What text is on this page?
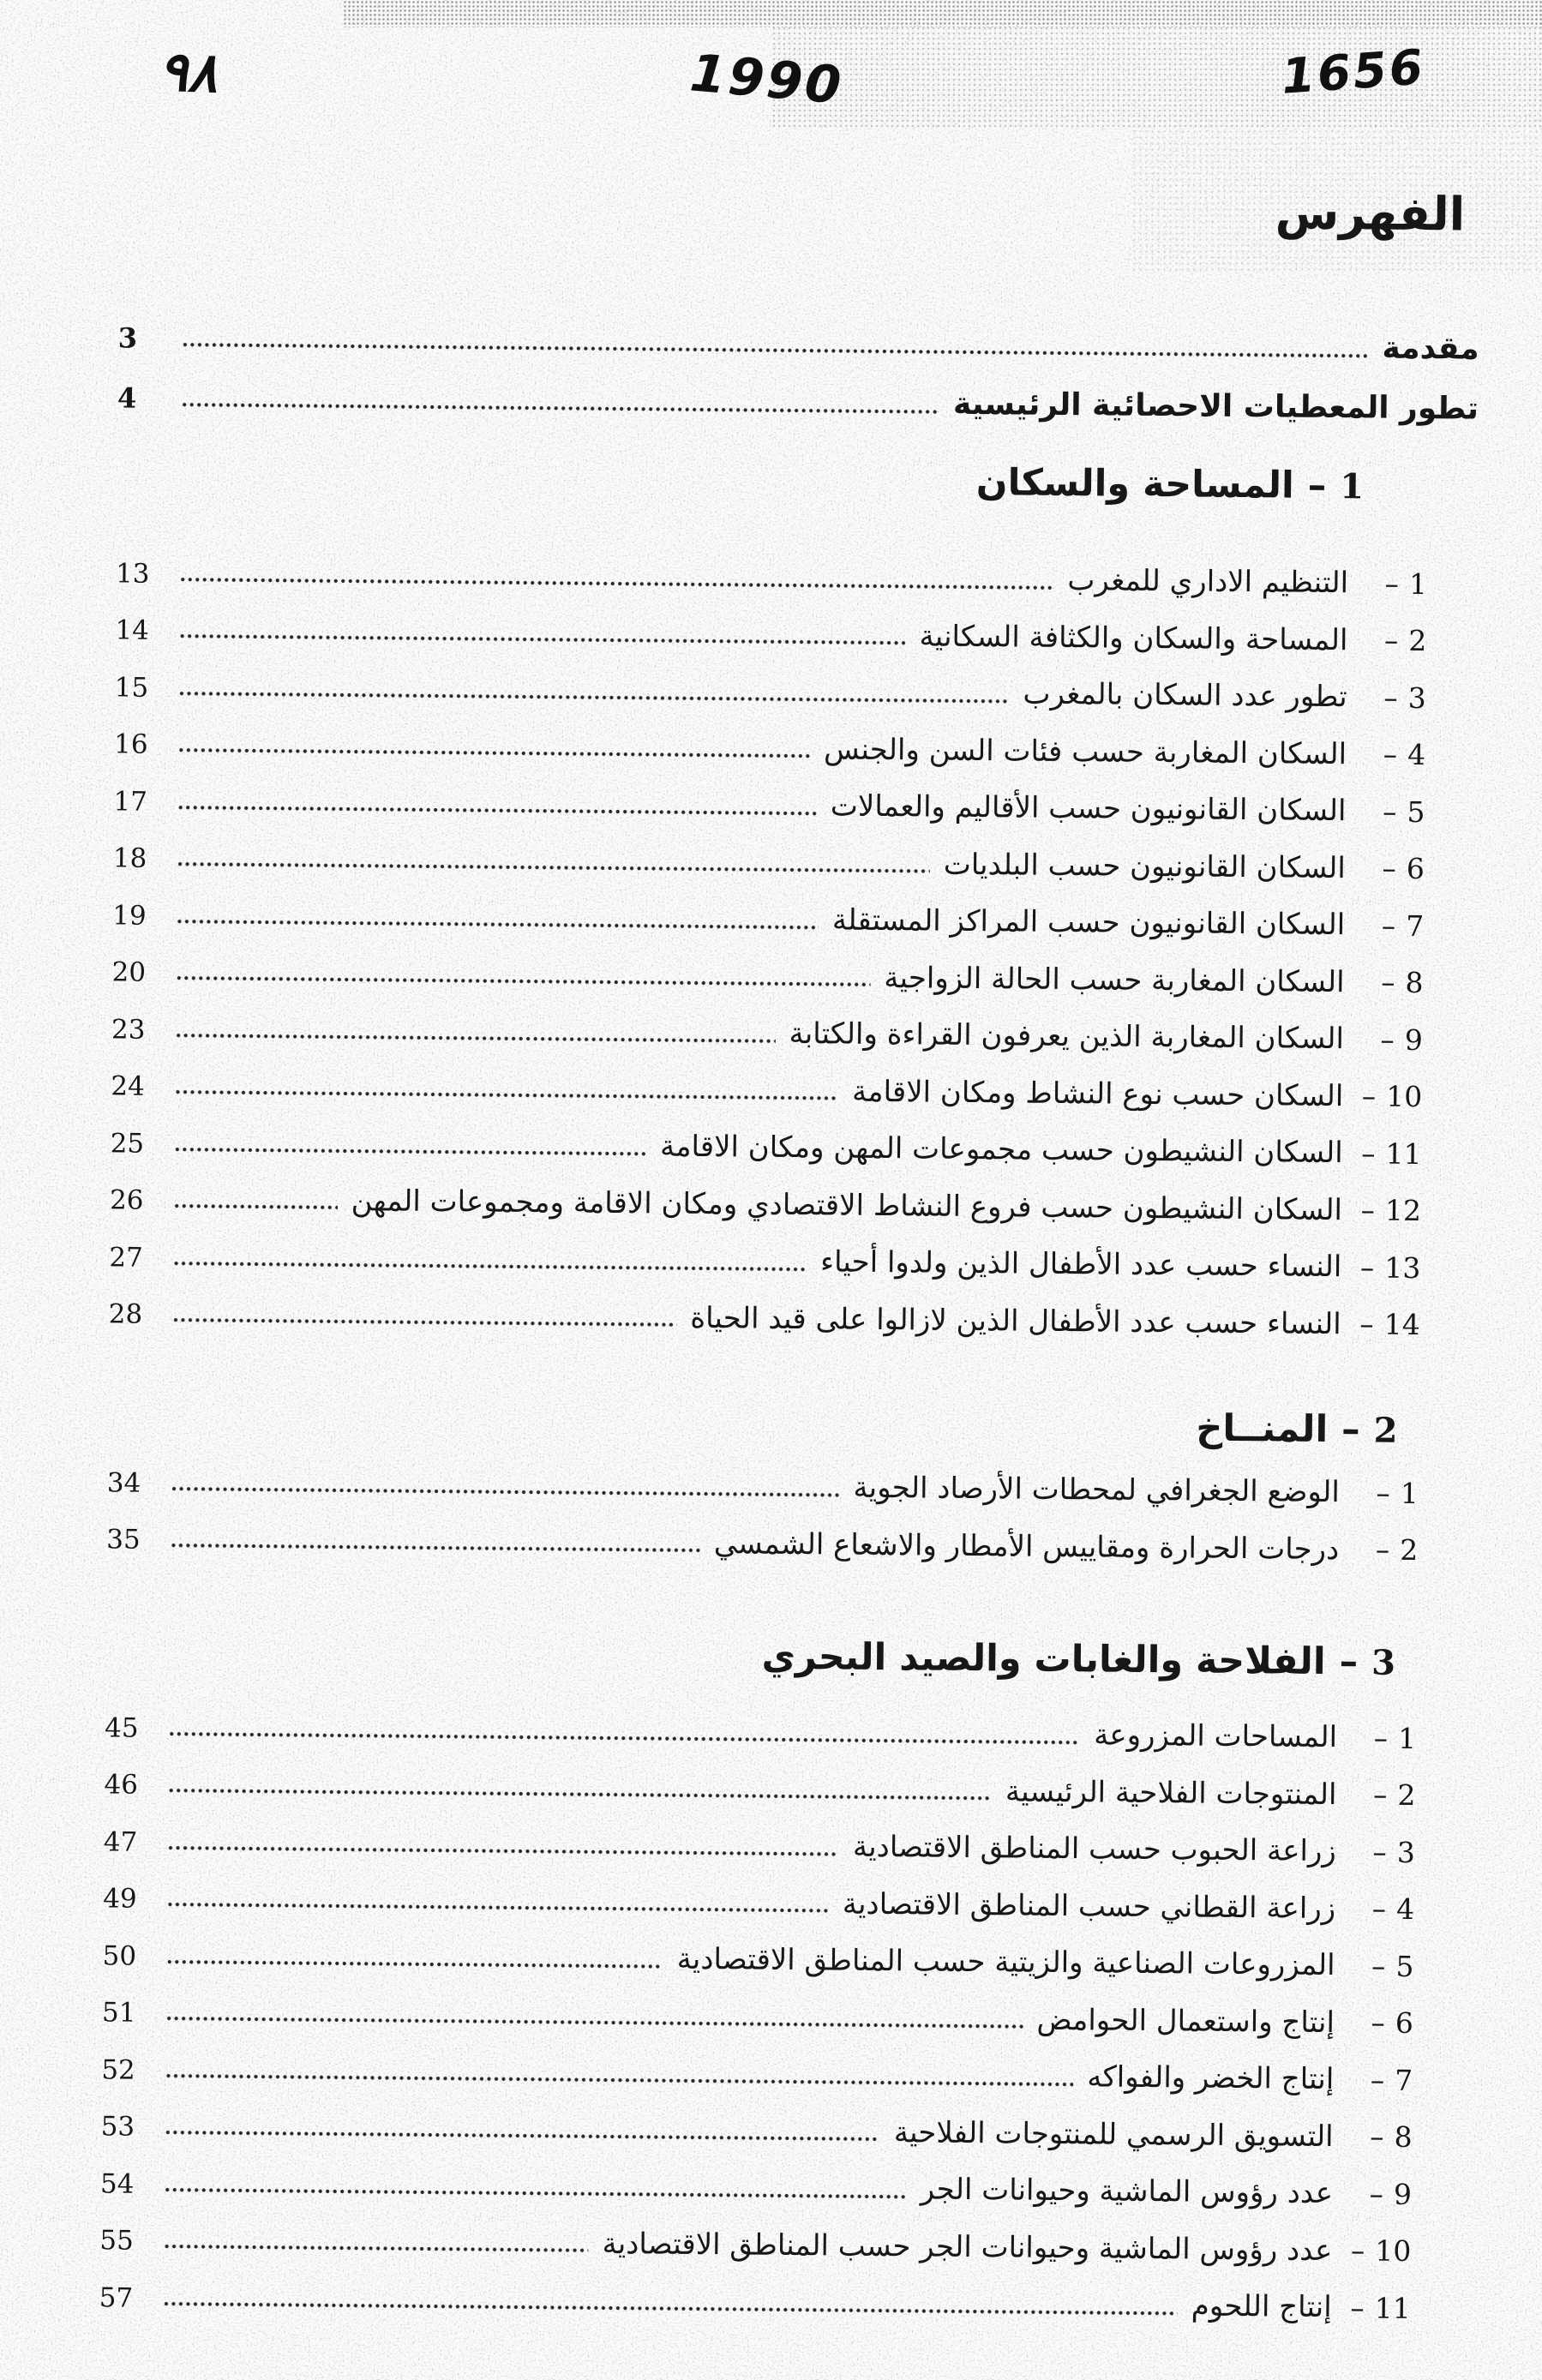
٩٨	1990	1656
الفهرس
مقدمة
3
تطور المعطيات الاحصائية الرئيسية
4
1
–
المساحة والسكان
1
–
التنظيم الاداري للمغرب
13
2
–
المساحة والسكان والكثافة السكانية
14
3
–
تطور عدد السكان بالمغرب
15
4
–
السكان المغاربة حسب فئات السن والجنس
16
5
–
السكان القانونيون حسب الأقاليم والعمالات
17
6
–
السكان القانونيون حسب البلديات
18
7
–
السكان القانونيون حسب المراكز المستقلة
19
8
–
السكان المغاربة حسب الحالة الزواجية
20
9
–
السكان المغاربة الذين يعرفون القراءة والكتابة
23
10
–
السكان حسب نوع النشاط ومكان الاقامة
24
11
–
السكان النشيطون حسب مجموعات المهن ومكان الاقامة
25
12
–
السكان النشيطون حسب فروع النشاط الاقتصادي ومكان الاقامة ومجموعات المهن
26
13
–
النساء حسب عدد الأطفال الذين ولدوا أحياء
27
14
–
النساء حسب عدد الأطفال الذين لازالوا على قيد الحياة
28
2
–
المنــاخ
1
–
الوضع الجغرافي لمحطات الأرصاد الجوية
34
2
–
درجات الحرارة ومقاييس الأمطار والاشعاع الشمسي
35
3
–
الفلاحة والغابات والصيد البحري
1
–
المساحات المزروعة
45
2
–
المنتوجات الفلاحية الرئيسية
46
3
–
زراعة الحبوب حسب المناطق الاقتصادية
47
4
–
زراعة القطاني حسب المناطق الاقتصادية
49
5
–
المزروعات الصناعية والزيتية حسب المناطق الاقتصادية
50
6
–
إنتاج واستعمال الحوامض
51
7
–
إنتاج الخضر والفواكه
52
8
–
التسويق الرسمي للمنتوجات الفلاحية
53
9
–
عدد رؤوس الماشية وحيوانات الجر
54
10
–
عدد رؤوس الماشية وحيوانات الجر حسب المناطق الاقتصادية
55
11
–
إنتاج اللحوم
57
